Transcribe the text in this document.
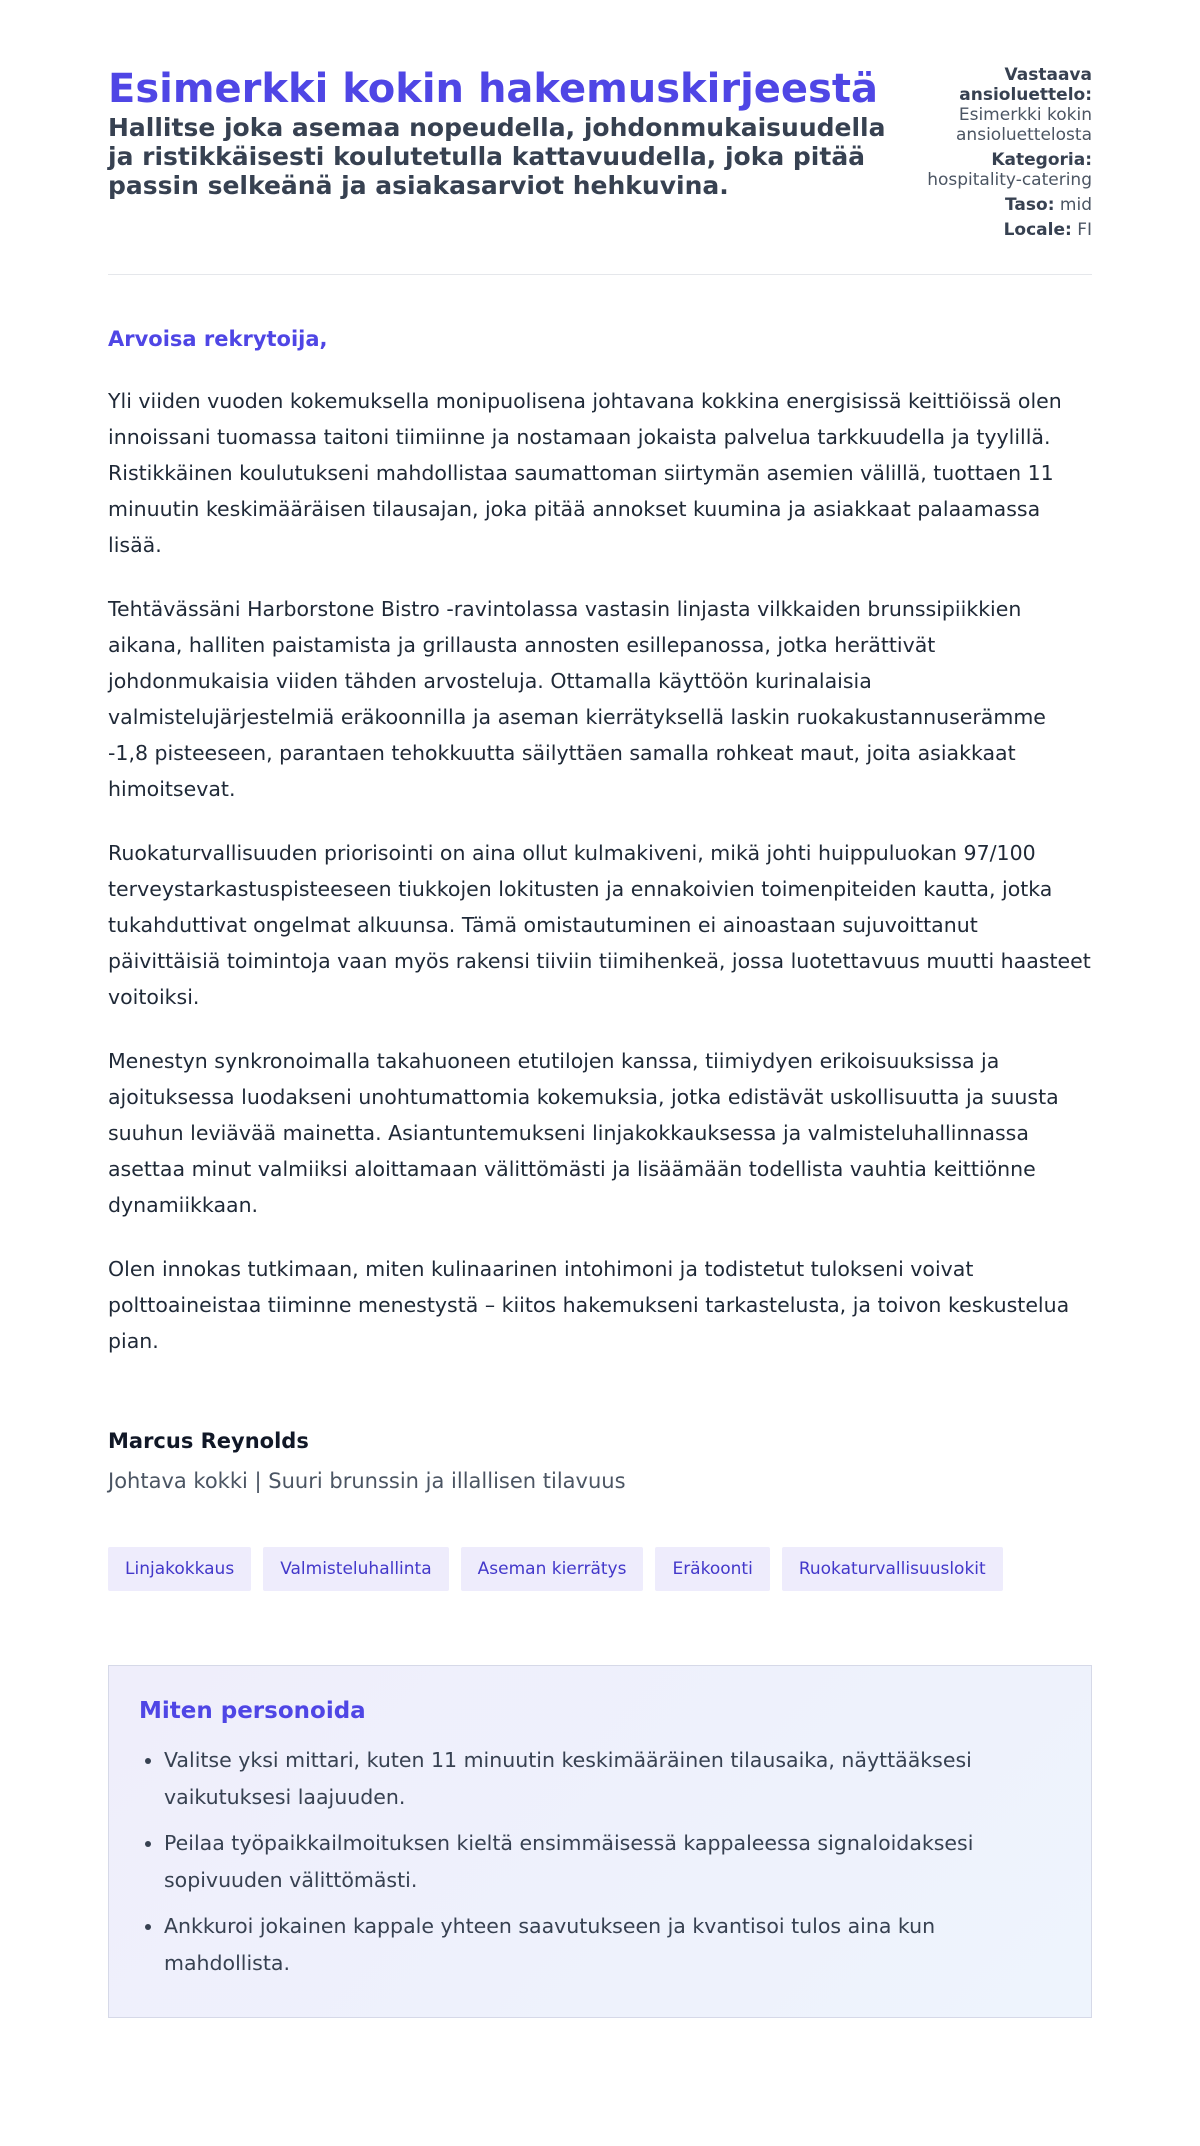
Esimerkki kokin hakemuskirjeestä
Hallitse joka asemaa nopeudella, johdonmukaisuudella ja ristikkäisesti koulutetulla kattavuudella, joka pitää passin selkeänä ja asiakasarviot hehkuvina.
Vastaava ansioluettelo: Esimerkki kokin ansioluettelosta
Kategoria: hospitality-catering
Taso: mid
Locale: FI

Arvoisa rekrytoija,

Yli viiden vuoden kokemuksella monipuolisena johtavana kokkina energisissä keittiöissä olen innoissani tuomassa taitoni tiimiinne ja nostamaan jokaista palvelua tarkkuudella ja tyylillä. Ristikkäinen koulutukseni mahdollistaa saumattoman siirtymän asemien välillä, tuottaen 11 minuutin keskimääräisen tilausajan, joka pitää annokset kuumina ja asiakkaat palaamassa lisää.

Tehtävässäni Harborstone Bistro -ravintolassa vastasin linjasta vilkkaiden brunssipiikkien aikana, halliten paistamista ja grillausta annosten esillepanossa, jotka herättivät johdonmukaisia viiden tähden arvosteluja. Ottamalla käyttöön kurinalaisia valmistelujärjestelmiä eräkoonnilla ja aseman kierrätyksellä laskin ruokakustannuserämme -1,8 pisteeseen, parantaen tehokkuutta säilyttäen samalla rohkeat maut, joita asiakkaat himoitsevat.

Ruokaturvallisuuden priorisointi on aina ollut kulmakiveni, mikä johti huippuluokan 97/100 terveystarkastuspisteeseen tiukkojen lokitusten ja ennakoivien toimenpiteiden kautta, jotka tukahduttivat ongelmat alkuunsa. Tämä omistautuminen ei ainoastaan sujuvoittanut päivittäisiä toimintoja vaan myös rakensi tiiviin tiimihenkeä, jossa luotettavuus muutti haasteet voitoiksi.

Menestyn synkronoimalla takahuoneen etutilojen kanssa, tiimiydyen erikoisuuksissa ja ajoituksessa luodakseni unohtumattomia kokemuksia, jotka edistävät uskollisuutta ja suusta suuhun leviävää mainetta. Asiantuntemukseni linjakokkauksessa ja valmisteluhallinnassa asettaa minut valmiiksi aloittamaan välittömästi ja lisäämään todellista vauhtia keittiönne dynamiikkaan.

Olen innokas tutkimaan, miten kulinaarinen intohimoni ja todistetut tulokseni voivat polttoaineistaa tiiminne menestystä – kiitos hakemukseni tarkastelusta, ja toivon keskustelua pian.

Marcus Reynolds
Johtava kokki | Suuri brunssin ja illallisen tilavuus
Linjakokkaus	Valmisteluhallinta	Aseman kierrätys	Eräkoonti	Ruokaturvallisuuslokit
Miten personoida
• Valitse yksi mittari, kuten 11 minuutin keskimääräinen tilausaika, näyttääksesi vaikutuksesi laajuuden.
• Peilaa työpaikkailmoituksen kieltä ensimmäisessä kappaleessa signaloidaksesi sopivuuden välittömästi.
• Ankkuroi jokainen kappale yhteen saavutukseen ja kvantisoi tulos aina kun mahdollista.
